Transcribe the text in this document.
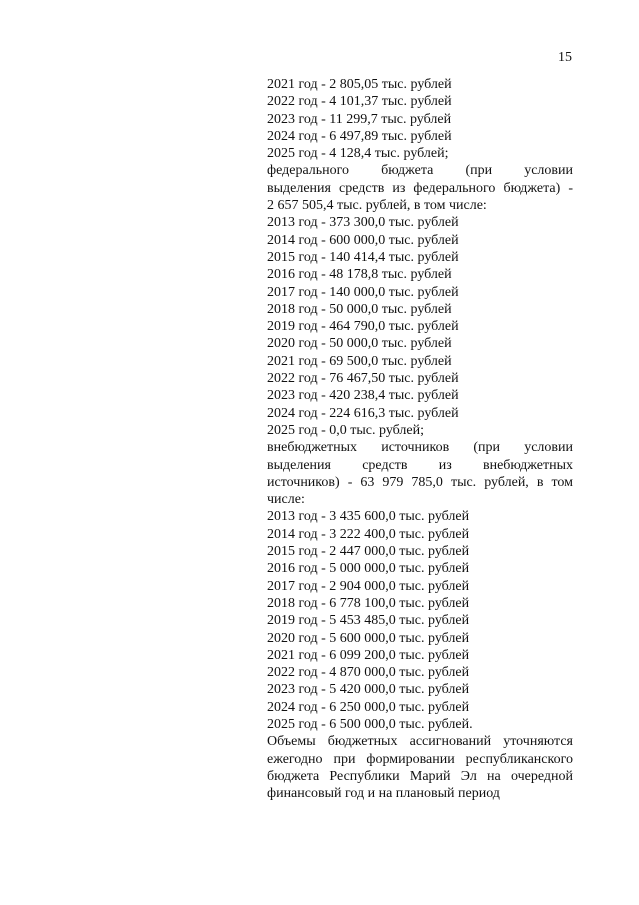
15
2021 год - 2 805,05 тыс. рублей
2022 год - 4 101,37 тыс. рублей
2023 год - 11 299,7 тыс. рублей
2024 год - 6 497,89 тыс. рублей
2025 год - 4 128,4 тыс. рублей;
федерального бюджета (при условии
выделения средств из федерального бюджета) -
2 657 505,4 тыс. рублей, в том числе:
2013 год - 373 300,0 тыс. рублей
2014 год - 600 000,0 тыс. рублей
2015 год - 140 414,4 тыс. рублей
2016 год - 48 178,8 тыс. рублей
2017 год - 140 000,0 тыс. рублей
2018 год - 50 000,0 тыс. рублей
2019 год - 464 790,0 тыс. рублей
2020 год - 50 000,0 тыс. рублей
2021 год - 69 500,0 тыс. рублей
2022 год - 76 467,50 тыс. рублей
2023 год - 420 238,4 тыс. рублей
2024 год - 224 616,3 тыс. рублей
2025 год - 0,0 тыс. рублей;
внебюджетных источников (при условии
выделения средств из внебюджетных
источников) - 63 979 785,0 тыс. рублей, в том
числе:
2013 год - 3 435 600,0 тыс. рублей
2014 год - 3 222 400,0 тыс. рублей
2015 год - 2 447 000,0 тыс. рублей
2016 год - 5 000 000,0 тыс. рублей
2017 год - 2 904 000,0 тыс. рублей
2018 год - 6 778 100,0 тыс. рублей
2019 год - 5 453 485,0 тыс. рублей
2020 год - 5 600 000,0 тыс. рублей
2021 год - 6 099 200,0 тыс. рублей
2022 год - 4 870 000,0 тыс. рублей
2023 год - 5 420 000,0 тыс. рублей
2024 год - 6 250 000,0 тыс. рублей
2025 год - 6 500 000,0 тыс. рублей.
Объемы бюджетных ассигнований уточняются
ежегодно при формировании республиканского
бюджета Республики Марий Эл на очередной
финансовый год и на плановый период
